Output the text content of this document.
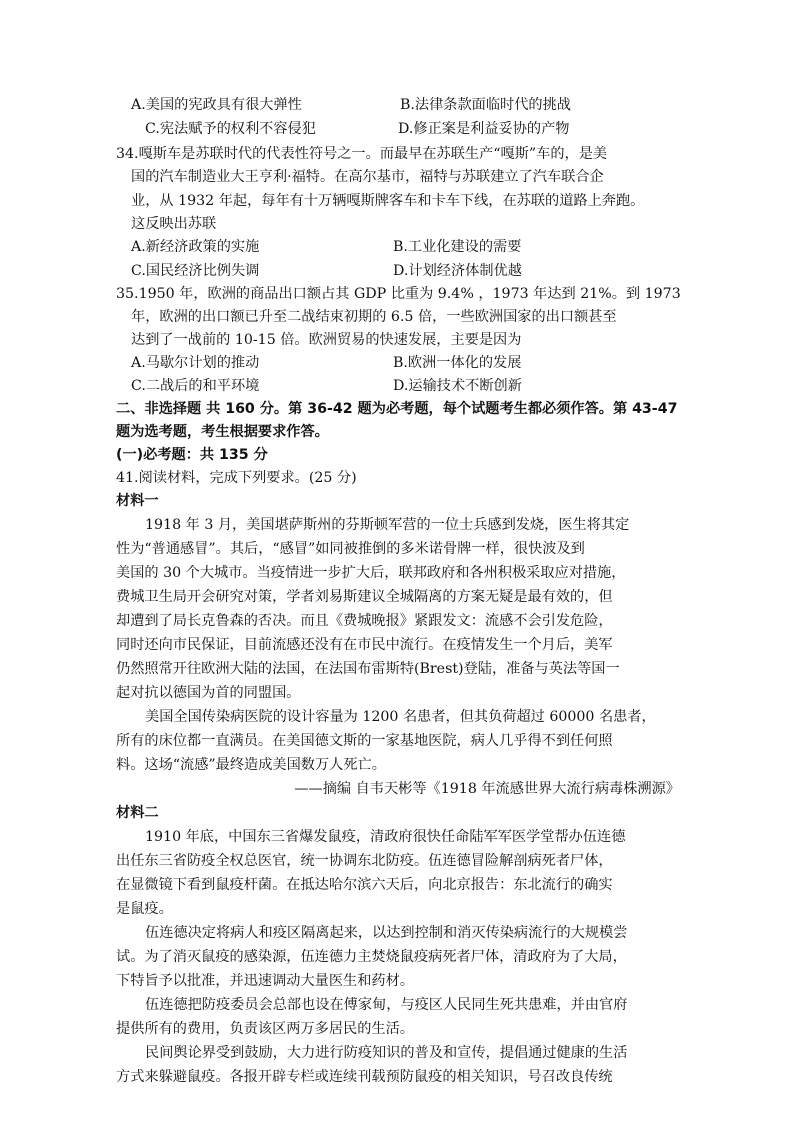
A.美国的宪政具有很大弹性	B.法律条款面临时代的挑战
C.宪法赋予的权利不容侵犯	D.修正案是利益妥协的产物
34.嘎斯车是苏联时代的代表性符号之一。而最早在苏联生产“嘎斯”车的，是美
国的汽车制造业大王亨利·福特。在高尔基市，福特与苏联建立了汽车联合企
业，从 1932 年起，每年有十万辆嘎斯牌客车和卡车下线，在苏联的道路上奔跑。
这反映出苏联
A.新经济政策的实施	B.工业化建设的需要
C.国民经济比例失调	D.计划经济体制优越
35.1950 年，欧洲的商品出口额占其 GDP 比重为 9.4% ，1973 年达到 21%。到 1973
年，欧洲的出口额已升至二战结束初期的 6.5 倍，一些欧洲国家的出口额甚至
达到了一战前的 10-15 倍。欧洲贸易的快速发展，主要是因为
A.马歇尔计划的推动	B.欧洲一体化的发展
C.二战后的和平环境	D.运输技术不断创新
二、非选择题 共 160 分。第 36-42 题为必考题，每个试题考生都必须作答。第 43-47
题为选考题，考生根据要求作答。
(一)必考题：共 135 分
41.阅读材料，完成下列要求。(25 分)
材料一
1918 年 3 月，美国堪萨斯州的芬斯顿军营的一位士兵感到发烧，医生将其定
性为“普通感冒”。其后，“感冒”如同被推倒的多米诺骨牌一样，很快波及到
美国的 30 个大城市。当疫情进一步扩大后，联邦政府和各州积极采取应对措施，
费城卫生局开会研究对策，学者刘易斯建议全城隔离的方案无疑是最有效的，但
却遭到了局长克鲁森的否决。而且《费城晚报》紧跟发文：流感不会引发危险，
同时还向市民保证，目前流感还没有在市民中流行。在疫情发生一个月后，美军
仍然照常开往欧洲大陆的法国，在法国布雷斯特(Brest)登陆，准备与英法等国一
起对抗以德国为首的同盟国。
美国全国传染病医院的设计容量为 1200 名患者，但其负荷超过 60000 名患者，
所有的床位都一直满员。在美国德文斯的一家基地医院，病人几乎得不到任何照
料。这场“流感”最终造成美国数万人死亡。
——摘编 自韦天彬等《1918 年流感世界大流行病毒株溯源》
材料二
1910 年底，中国东三省爆发鼠疫，清政府很快任命陆军军医学堂帮办伍连德
出任东三省防疫全权总医官，统一协调东北防疫。伍连德冒险解剖病死者尸体，
在显微镜下看到鼠疫杆菌。在抵达哈尔滨六天后，向北京报告：东北流行的确实
是鼠疫。
伍连德决定将病人和疫区隔离起来，以达到控制和消灭传染病流行的大规模尝
试。为了消灭鼠疫的感染源，伍连德力主焚烧鼠疫病死者尸体，清政府为了大局，
下特旨予以批准，并迅速调动大量医生和药材。
伍连德把防疫委员会总部也设在傅家甸，与疫区人民同生死共患难，并由官府
提供所有的费用，负责该区两万多居民的生活。
民间舆论界受到鼓励，大力进行防疫知识的普及和宣传，提倡通过健康的生活
方式来躲避鼠疫。各报开辟专栏或连续刊载预防鼠疫的相关知识，号召改良传统
